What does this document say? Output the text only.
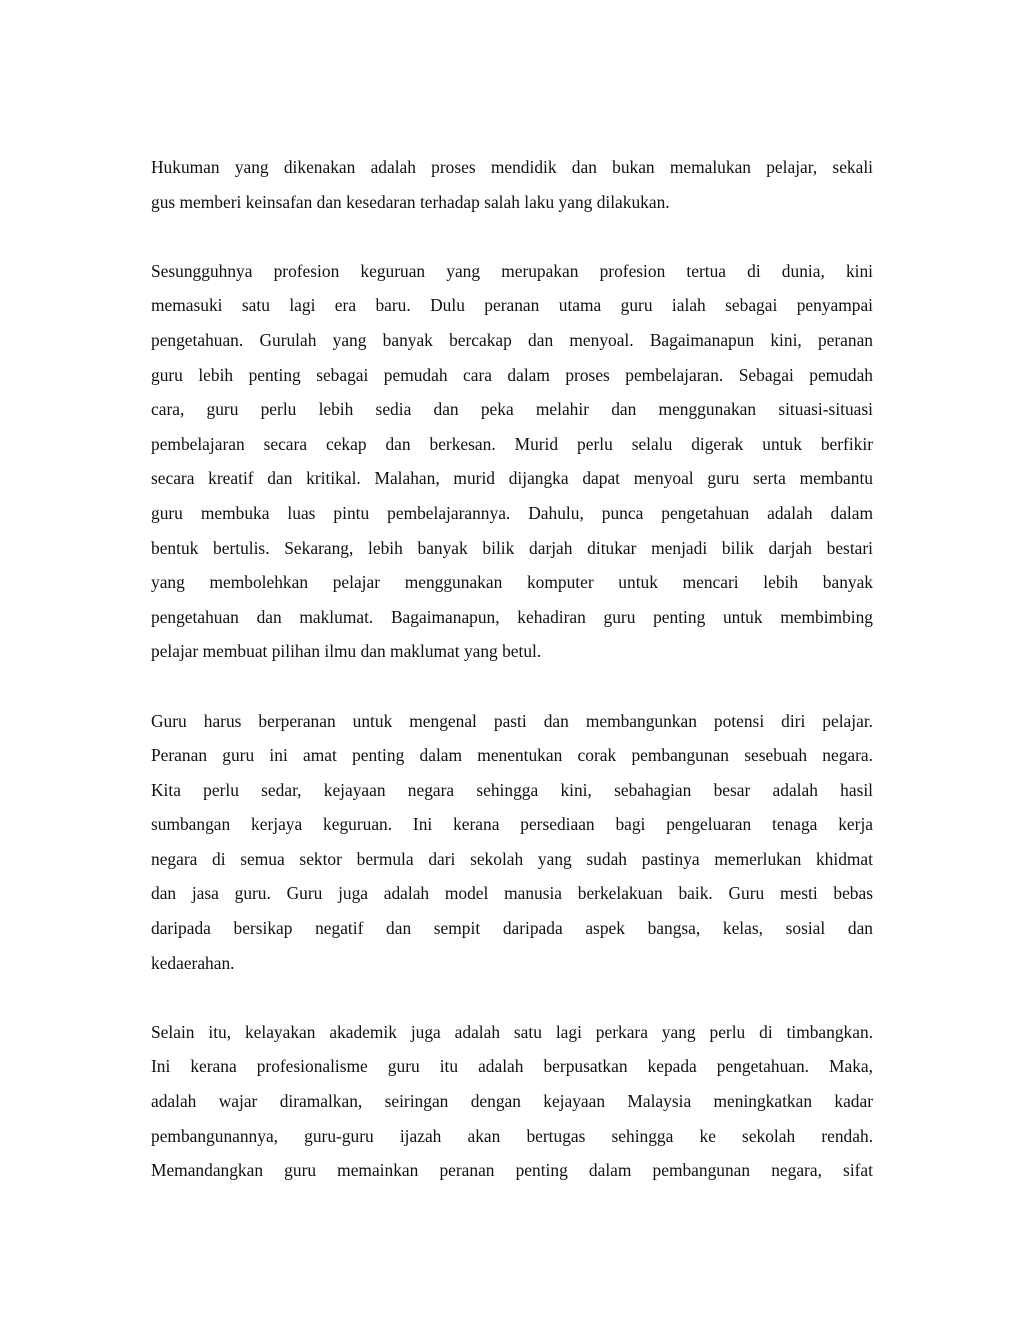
Hukuman yang dikenakan adalah proses mendidik dan bukan memalukan pelajar, sekali
gus memberi keinsafan dan kesedaran terhadap salah laku yang dilakukan.

Sesungguhnya profesion keguruan yang merupakan profesion tertua di dunia, kini
memasuki satu lagi era baru. Dulu peranan utama guru ialah sebagai penyampai
pengetahuan. Gurulah yang banyak bercakap dan menyoal. Bagaimanapun kini, peranan
guru lebih penting sebagai pemudah cara dalam proses pembelajaran. Sebagai pemudah
cara, guru perlu lebih sedia dan peka melahir dan menggunakan situasi-situasi
pembelajaran secara cekap dan berkesan. Murid perlu selalu digerak untuk berfikir
secara kreatif dan kritikal. Malahan, murid dijangka dapat menyoal guru serta membantu
guru membuka luas pintu pembelajarannya. Dahulu, punca pengetahuan adalah dalam
bentuk bertulis. Sekarang, lebih banyak bilik darjah ditukar menjadi bilik darjah bestari
yang membolehkan pelajar menggunakan komputer untuk mencari lebih banyak
pengetahuan dan maklumat. Bagaimanapun, kehadiran guru penting untuk membimbing
pelajar membuat pilihan ilmu dan maklumat yang betul.

Guru harus berperanan untuk mengenal pasti dan membangunkan potensi diri pelajar.
Peranan guru ini amat penting dalam menentukan corak pembangunan sesebuah negara.
Kita perlu sedar, kejayaan negara sehingga kini, sebahagian besar adalah hasil
sumbangan kerjaya keguruan. Ini kerana persediaan bagi pengeluaran tenaga kerja
negara di semua sektor bermula dari sekolah yang sudah pastinya memerlukan khidmat
dan jasa guru. Guru juga adalah model manusia berkelakuan baik. Guru mesti bebas
daripada bersikap negatif dan sempit daripada aspek bangsa, kelas, sosial dan
kedaerahan.

Selain itu, kelayakan akademik juga adalah satu lagi perkara yang perlu di timbangkan.
Ini kerana profesionalisme guru itu adalah berpusatkan kepada pengetahuan. Maka,
adalah wajar diramalkan, seiringan dengan kejayaan Malaysia meningkatkan kadar
pembangunannya, guru-guru ijazah akan bertugas sehingga ke sekolah rendah.
Memandangkan guru memainkan peranan penting dalam pembangunan negara, sifat
